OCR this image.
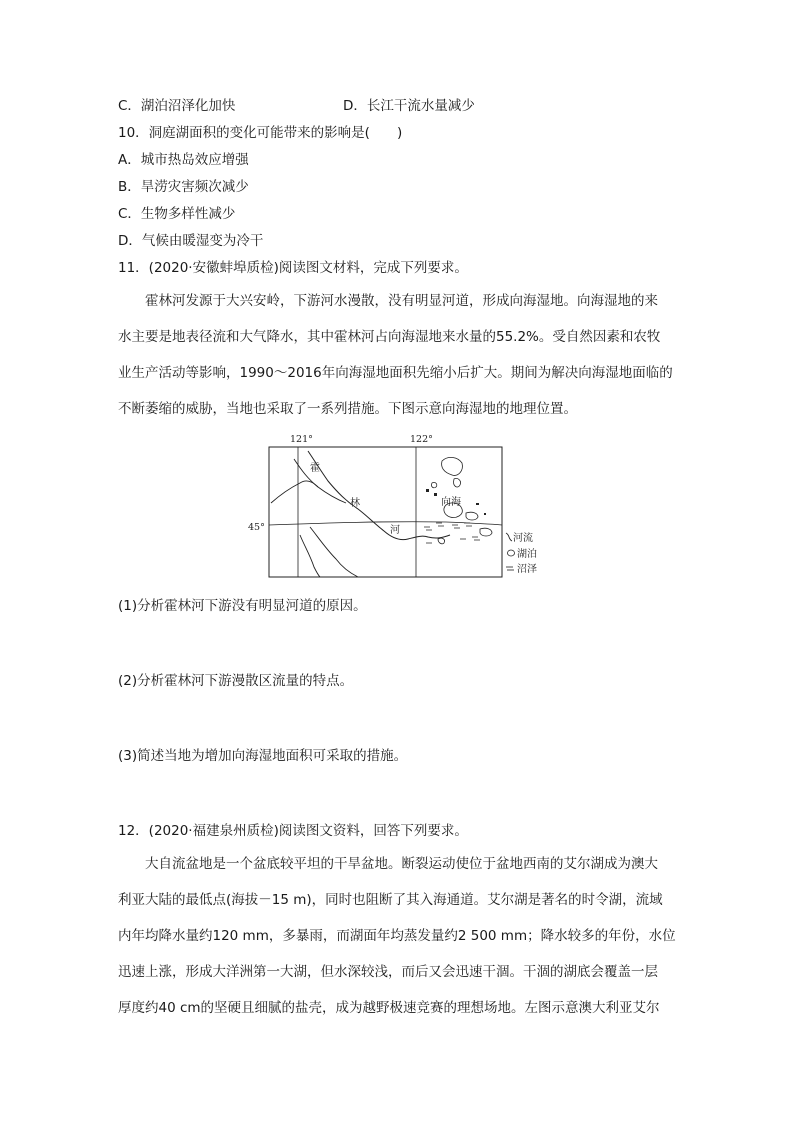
C．湖泊沼泽化加快	D．长江干流水量减少
10．洞庭湖面积的变化可能带来的影响是(　　)
A．城市热岛效应增强
B．旱涝灾害频次减少
C．生物多样性减少
D．气候由暖湿变为冷干
11．(2020·安徽蚌埠质检)阅读图文材料，完成下列要求。
霍林河发源于大兴安岭，下游河水漫散，没有明显河道，形成向海湿地。向海湿地的来
水主要是地表径流和大气降水，其中霍林河占向海湿地来水量的55.2%。受自然因素和农牧
业生产活动等影响，1990～2016年向海湿地面积先缩小后扩大。期间为解决向海湿地面临的
不断萎缩的威胁，当地也采取了一系列措施。下图示意向海湿地的地理位置。
121°	122°
45°
霍
林
河
向海
河流
湖泊
沼泽
(1)分析霍林河下游没有明显河道的原因。
(2)分析霍林河下游漫散区流量的特点。
(3)简述当地为增加向海湿地面积可采取的措施。
12．(2020·福建泉州质检)阅读图文资料，回答下列要求。
大自流盆地是一个盆底较平坦的干旱盆地。断裂运动使位于盆地西南的艾尔湖成为澳大
利亚大陆的最低点(海拔－15 m)，同时也阻断了其入海通道。艾尔湖是著名的时令湖，流域
内年均降水量约120 mm，多暴雨，而湖面年均蒸发量约2 500 mm；降水较多的年份，水位
迅速上涨，形成大洋洲第一大湖，但水深较浅，而后又会迅速干涸。干涸的湖底会覆盖一层
厚度约40 cm的坚硬且细腻的盐壳，成为越野极速竞赛的理想场地。左图示意澳大利亚艾尔
